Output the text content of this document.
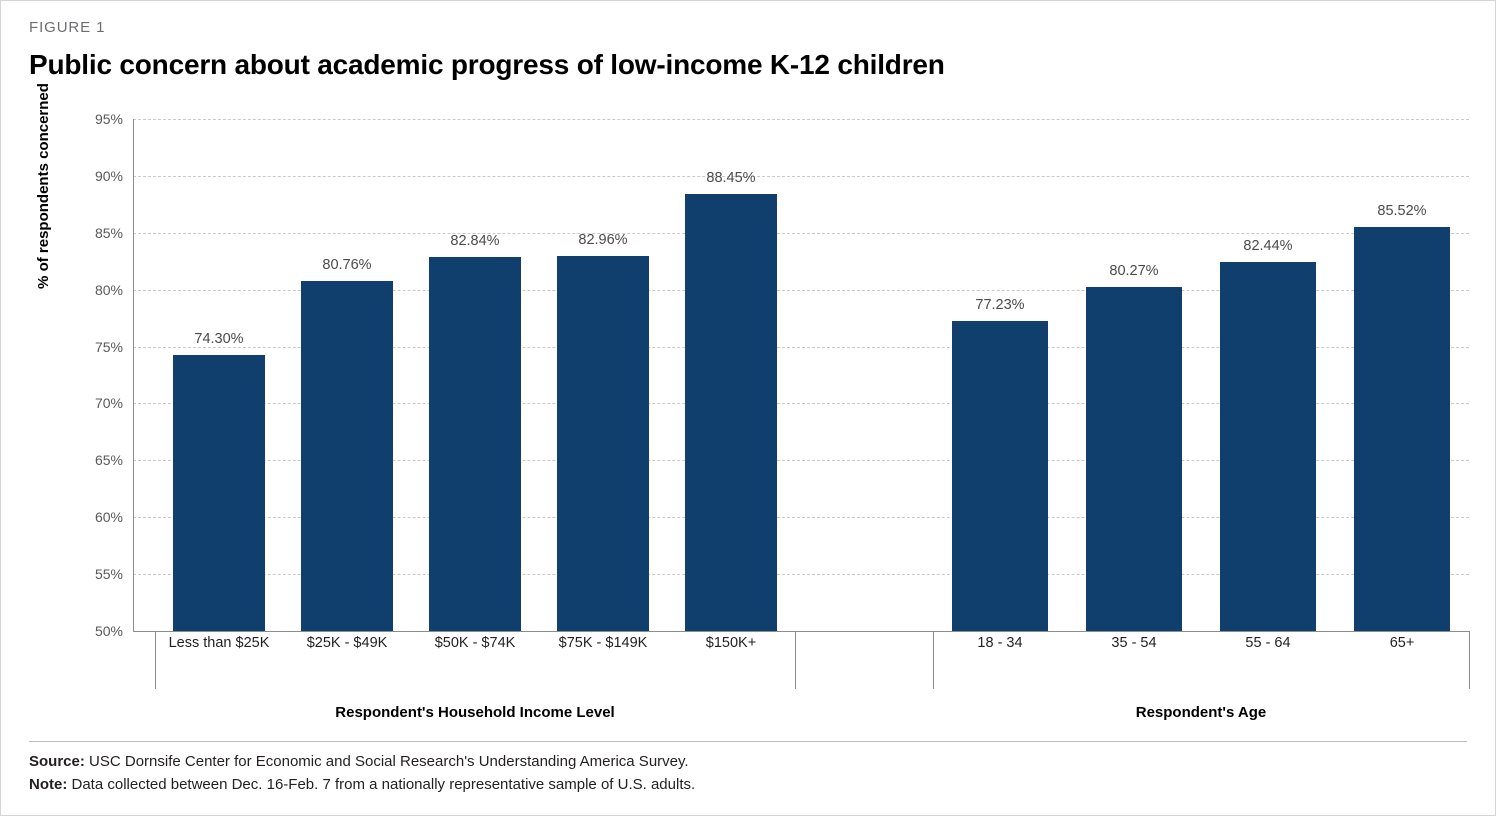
FIGURE 1
Public concern about academic progress of low-income K-12 children
% of respondents concerned
50%
55%
60%
65%
70%
75%
80%
85%
90%
95%
74.30%
Less than $25K
80.76%
$25K - $49K
82.84%
$50K - $74K
82.96%
$75K - $149K
88.45%
$150K+
Respondent's Household Income Level
77.23%
18 - 34
80.27%
35 - 54
82.44%
55 - 64
85.52%
65+
Respondent's Age
Source: USC Dornsife Center for Economic and Social Research's Understanding America Survey.
Note: Data collected between Dec. 16-Feb. 7 from a nationally representative sample of U.S. adults.
